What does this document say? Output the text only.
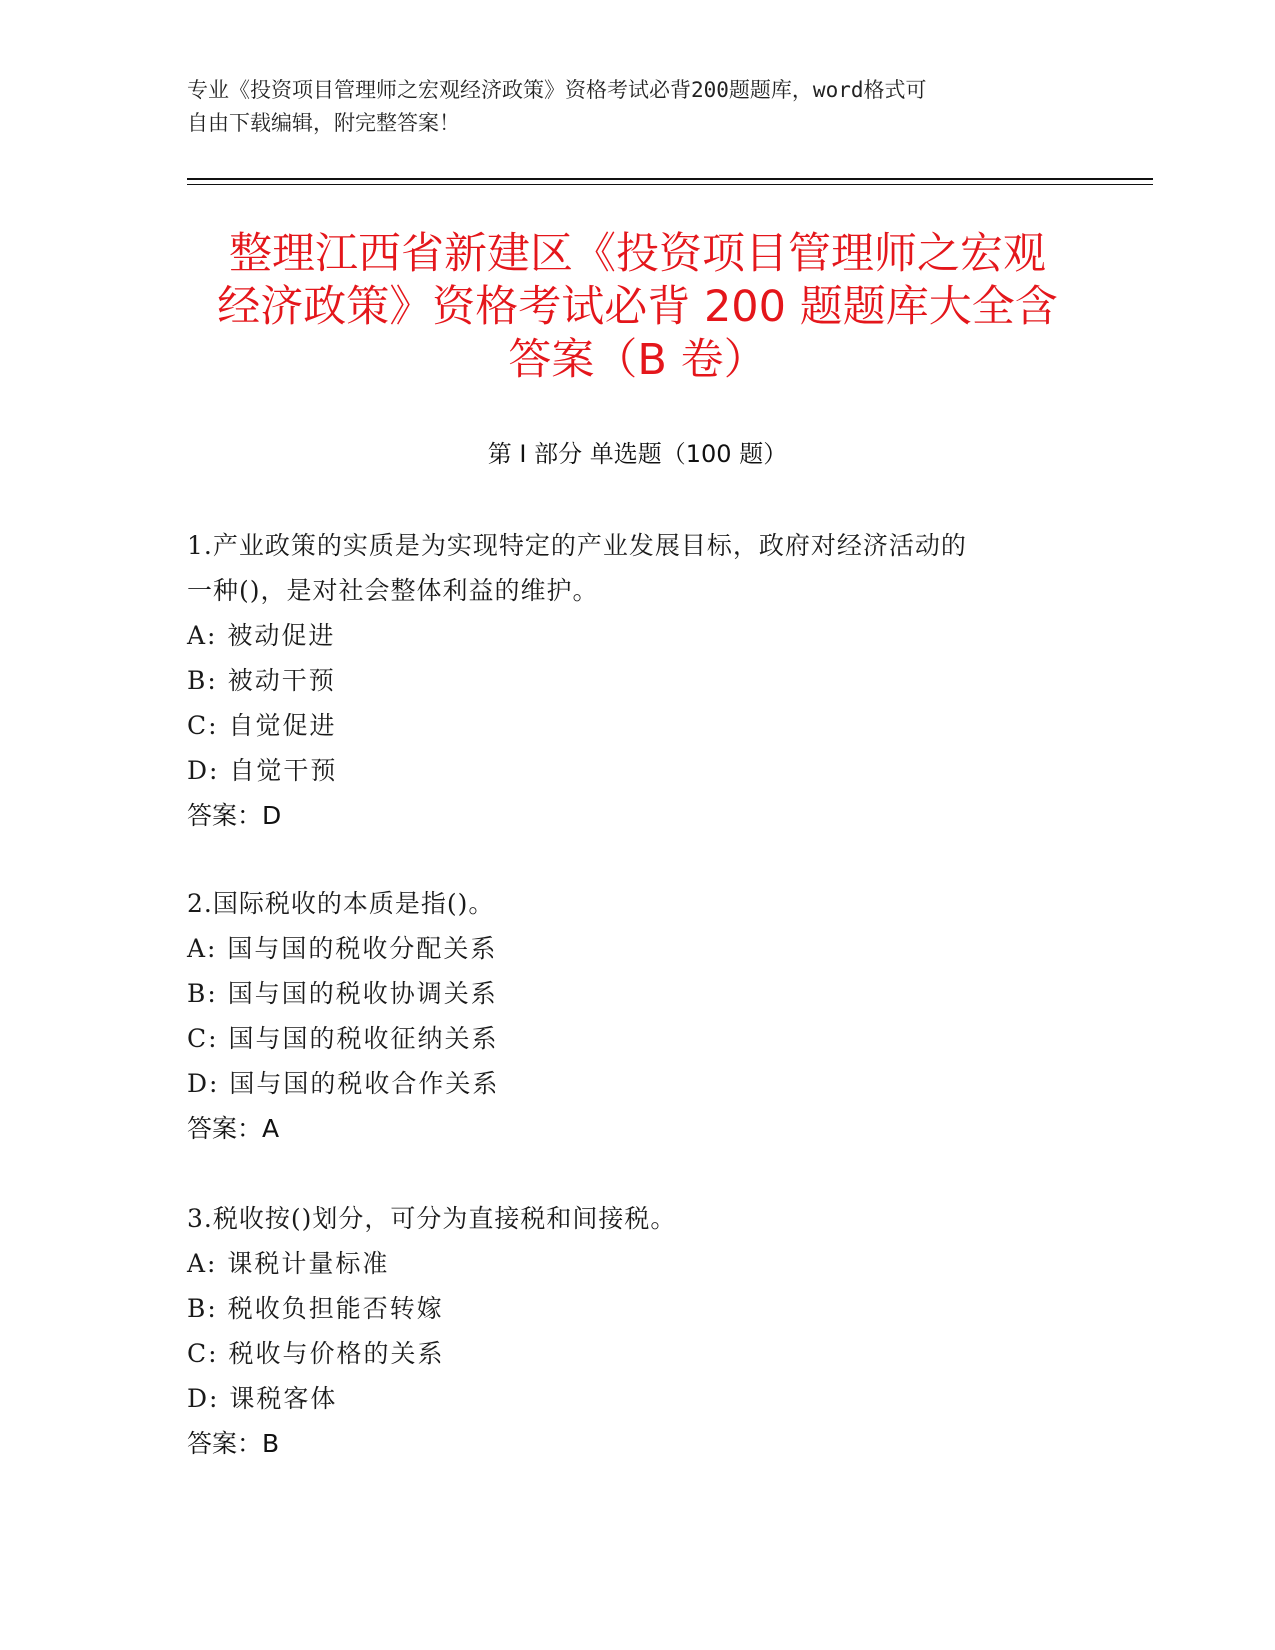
专业《投资项目管理师之宏观经济政策》资格考试必背200题题库，word格式可
自由下载编辑，附完整答案！
整理江西省新建区《投资项目管理师之宏观
经济政策》资格考试必背 200 题题库大全含
答案（B 卷）
第 I 部分 单选题（100 题）
1.产业政策的实质是为实现特定的产业发展目标，政府对经济活动的
一种()，是对社会整体利益的维护。
A: 被动促进
B: 被动干预
C: 自觉促进
D: 自觉干预
答案：D
2.国际税收的本质是指()。
A: 国与国的税收分配关系
B: 国与国的税收协调关系
C: 国与国的税收征纳关系
D: 国与国的税收合作关系
答案：A
3.税收按()划分，可分为直接税和间接税。
A: 课税计量标准
B: 税收负担能否转嫁
C: 税收与价格的关系
D: 课税客体
答案：B
